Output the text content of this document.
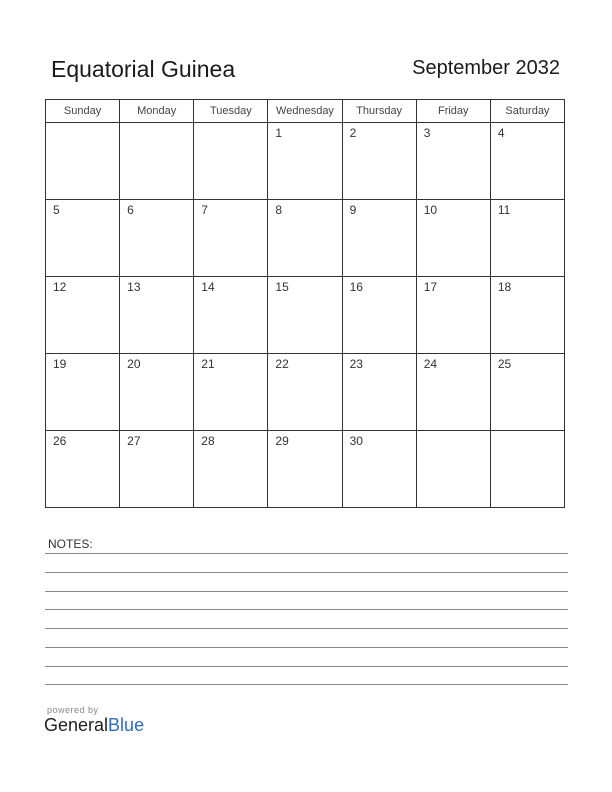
Equatorial Guinea	September 2032
Sunday	Monday	Tuesday	Wednesday	Thursday	Friday	Saturday

			1	2	3	4

5	6	7	8	9	10	11

12	13	14	15	16	17	18

19	20	21	22	23	24	25

26	27	28	29	30		

NOTES:
powered by
GeneralBlue
